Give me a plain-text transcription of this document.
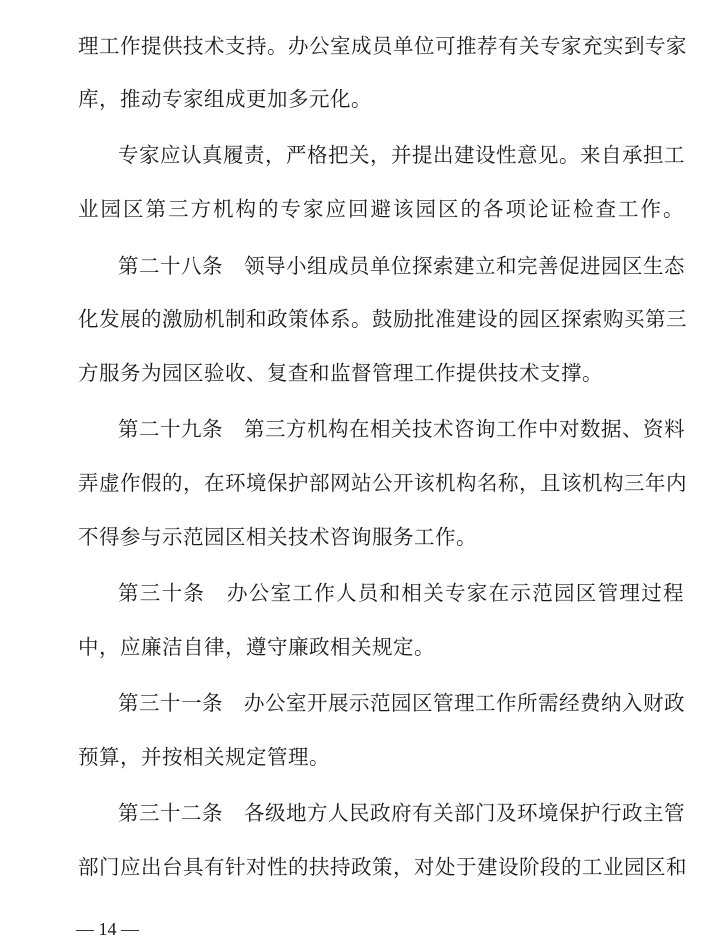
理工作提供技术支持。办公室成员单位可推荐有关专家充实到专家
库，推动专家组成更加多元化。
专家应认真履责，严格把关，并提出建设性意见。来自承担工
业园区第三方机构的专家应回避该园区的各项论证检查工作。
第二十八条　领导小组成员单位探索建立和完善促进园区生态
化发展的激励机制和政策体系。鼓励批准建设的园区探索购买第三
方服务为园区验收、复查和监督管理工作提供技术支撑。
第二十九条　第三方机构在相关技术咨询工作中对数据、资料
弄虚作假的，在环境保护部网站公开该机构名称，且该机构三年内
不得参与示范园区相关技术咨询服务工作。
第三十条　办公室工作人员和相关专家在示范园区管理过程
中，应廉洁自律，遵守廉政相关规定。
第三十一条　办公室开展示范园区管理工作所需经费纳入财政
预算，并按相关规定管理。
第三十二条　各级地方人民政府有关部门及环境保护行政主管
部门应出台具有针对性的扶持政策，对处于建设阶段的工业园区和
— 14 —
